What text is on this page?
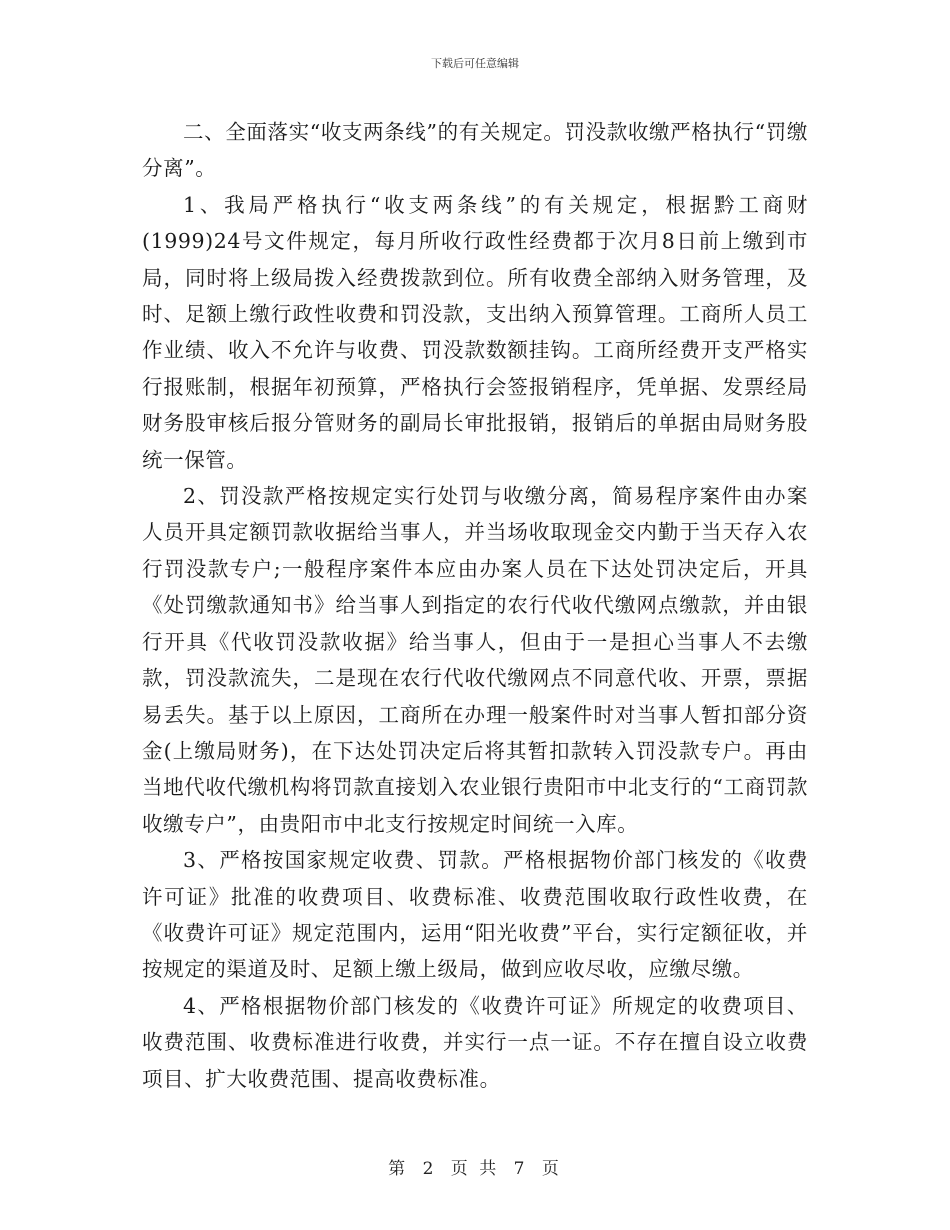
下载后可任意编辑

二、全面落实“收支两条线”的有关规定。罚没款收缴严格执行“罚缴分离”。

1、我局严格执行“收支两条线”的有关规定，根据黔工商财(1999)24号文件规定，每月所收行政性经费都于次月8日前上缴到市局，同时将上级局拨入经费拨款到位。所有收费全部纳入财务管理，及时、足额上缴行政性收费和罚没款，支出纳入预算管理。工商所人员工作业绩、收入不允许与收费、罚没款数额挂钩。工商所经费开支严格实行报账制，根据年初预算，严格执行会签报销程序，凭单据、发票经局财务股审核后报分管财务的副局长审批报销，报销后的单据由局财务股统一保管。

2、罚没款严格按规定实行处罚与收缴分离，简易程序案件由办案人员开具定额罚款收据给当事人，并当场收取现金交内勤于当天存入农行罚没款专户;一般程序案件本应由办案人员在下达处罚决定后，开具《处罚缴款通知书》给当事人到指定的农行代收代缴网点缴款，并由银行开具《代收罚没款收据》给当事人，但由于一是担心当事人不去缴款，罚没款流失，二是现在农行代收代缴网点不同意代收、开票，票据易丢失。基于以上原因，工商所在办理一般案件时对当事人暂扣部分资金(上缴局财务)，在下达处罚决定后将其暂扣款转入罚没款专户。再由当地代收代缴机构将罚款直接划入农业银行贵阳市中北支行的“工商罚款收缴专户”，由贵阳市中北支行按规定时间统一入库。

3、严格按国家规定收费、罚款。严格根据物价部门核发的《收费许可证》批准的收费项目、收费标准、收费范围收取行政性收费，在《收费许可证》规定范围内，运用“阳光收费”平台，实行定额征收，并按规定的渠道及时、足额上缴上级局，做到应收尽收，应缴尽缴。

4、严格根据物价部门核发的《收费许可证》所规定的收费项目、收费范围、收费标准进行收费，并实行一点一证。不存在擅自设立收费项目、扩大收费范围、提高收费标准。

第 2 页 共 7 页
